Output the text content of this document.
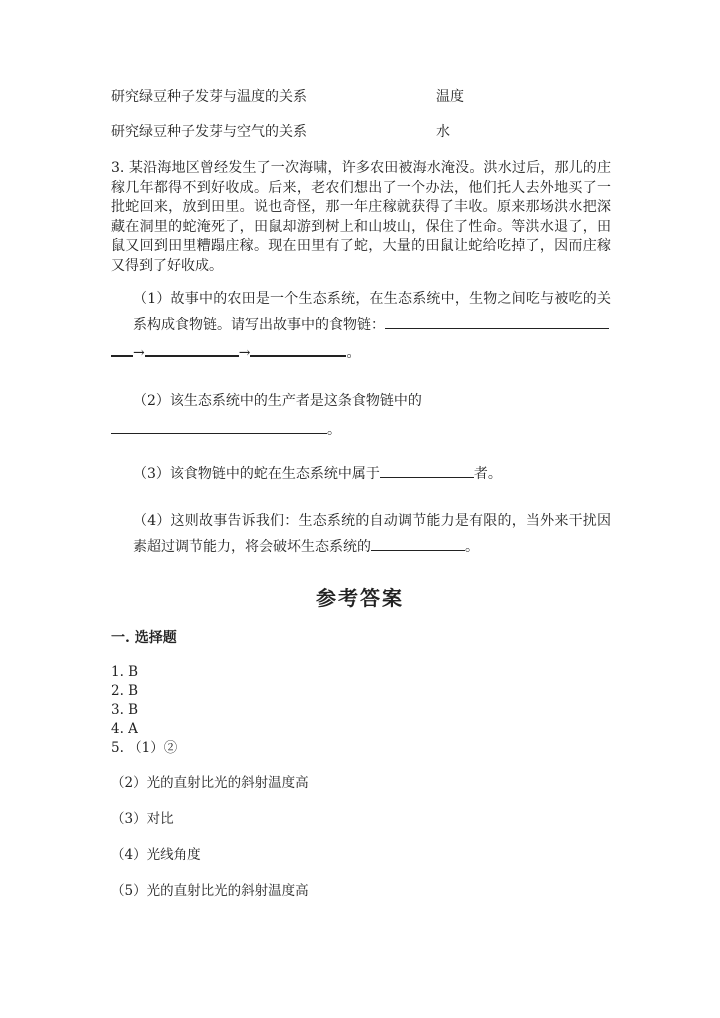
研究绿豆种子发芽与温度的关系	温度
研究绿豆种子发芽与空气的关系	水
3. 某沿海地区曾经发生了一次海啸，许多农田被海水淹没。洪水过后，那儿的庄稼几年都得不到好收成。后来，老农们想出了一个办法，他们托人去外地买了一批蛇回来，放到田里。说也奇怪，那一年庄稼就获得了丰收。原来那场洪水把深藏在洞里的蛇淹死了，田鼠却游到树上和山坡山，保住了性命。等洪水退了，田鼠又回到田里糟蹋庄稼。现在田里有了蛇，大量的田鼠让蛇给吃掉了，因而庄稼又得到了好收成。
（1）故事中的农田是一个生态系统，在生态系统中，生物之间吃与被吃的关系构成食物链。请写出故事中的食物链：
→	→	。
（2）该生态系统中的生产者是这条食物链中的
。
（3）该食物链中的蛇在生态系统中属于	者。
（4）这则故事告诉我们：生态系统的自动调节能力是有限的，当外来干扰因素超过调节能力，将会破坏生态系统的	。
参考答案
一. 选择题
1. B
2. B
3. B
4. A
5. （1）②
（2）光的直射比光的斜射温度高
（3）对比
（4）光线角度
（5）光的直射比光的斜射温度高
